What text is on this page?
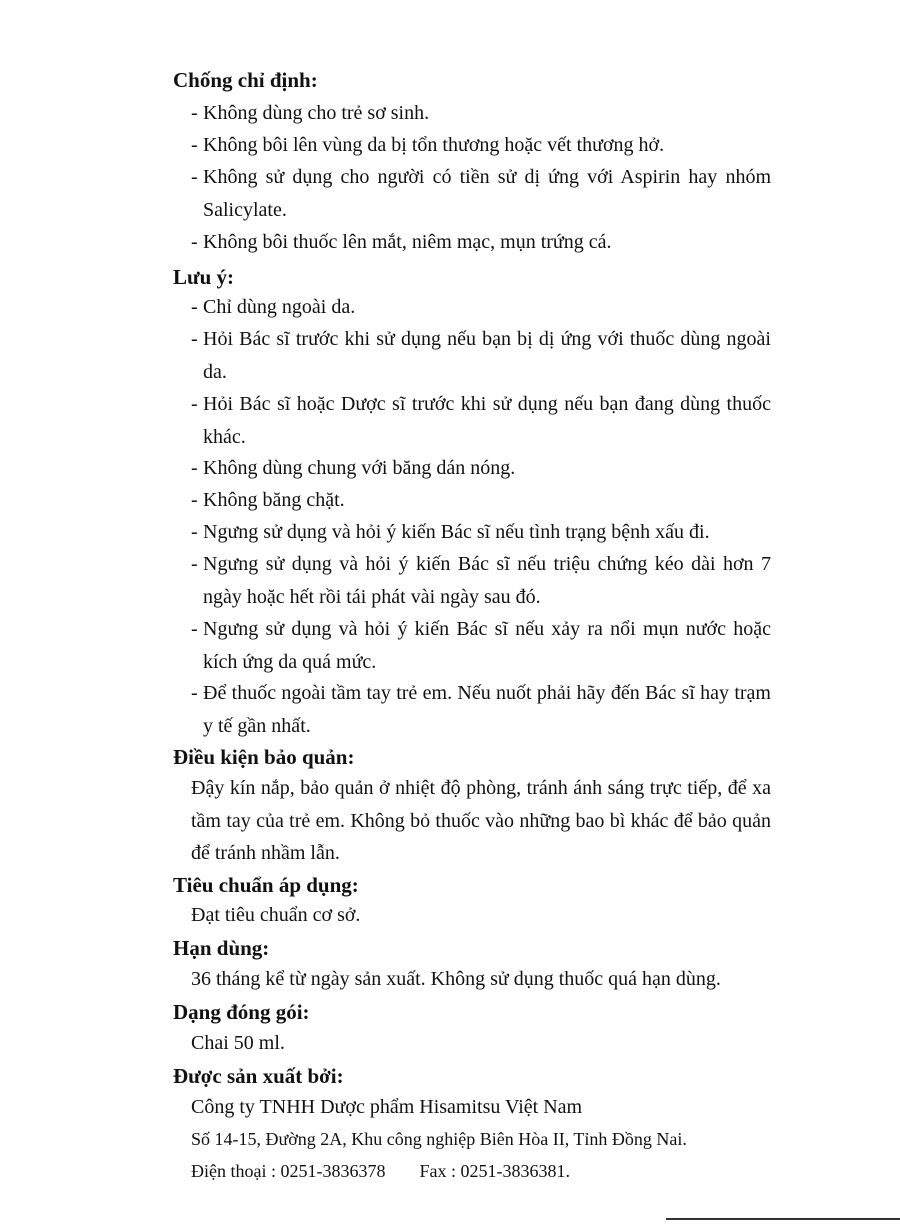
Chống chỉ định:
- Không dùng cho trẻ sơ sinh.
- Không bôi lên vùng da bị tổn thương hoặc vết thương hở.
- Không sử dụng cho người có tiền sử dị ứng với Aspirin hay nhóm Salicylate.
- Không bôi thuốc lên mắt, niêm mạc, mụn trứng cá.
Lưu ý:
- Chỉ dùng ngoài da.
- Hỏi Bác sĩ trước khi sử dụng nếu bạn bị dị ứng với thuốc dùng ngoài da.
- Hỏi Bác sĩ hoặc Dược sĩ trước khi sử dụng nếu bạn đang dùng thuốc khác.
- Không dùng chung với băng dán nóng.
- Không băng chặt.
- Ngưng sử dụng và hỏi ý kiến Bác sĩ nếu tình trạng bệnh xấu đi.
- Ngưng sử dụng và hỏi ý kiến Bác sĩ nếu triệu chứng kéo dài hơn 7 ngày hoặc hết rồi tái phát vài ngày sau đó.
- Ngưng sử dụng và hỏi ý kiến Bác sĩ nếu xảy ra nổi mụn nước hoặc kích ứng da quá mức.
- Để thuốc ngoài tầm tay trẻ em. Nếu nuốt phải hãy đến Bác sĩ hay trạm y tế gần nhất.
Điều kiện bảo quản:
Đậy kín nắp, bảo quản ở nhiệt độ phòng, tránh ánh sáng trực tiếp, để xa tầm tay của trẻ em. Không bỏ thuốc vào những bao bì khác để bảo quản để tránh nhầm lẫn.
Tiêu chuẩn áp dụng:
Đạt tiêu chuẩn cơ sở.
Hạn dùng:
36 tháng kể từ ngày sản xuất. Không sử dụng thuốc quá hạn dùng.
Dạng đóng gói:
Chai 50 ml.
Được sản xuất bởi:
Công ty TNHH Dược phẩm Hisamitsu Việt Nam
Số 14-15, Đường 2A, Khu công nghiệp Biên Hòa II, Tỉnh Đồng Nai.
Điện thoại : 0251-3836378 Fax : 0251-3836381.
